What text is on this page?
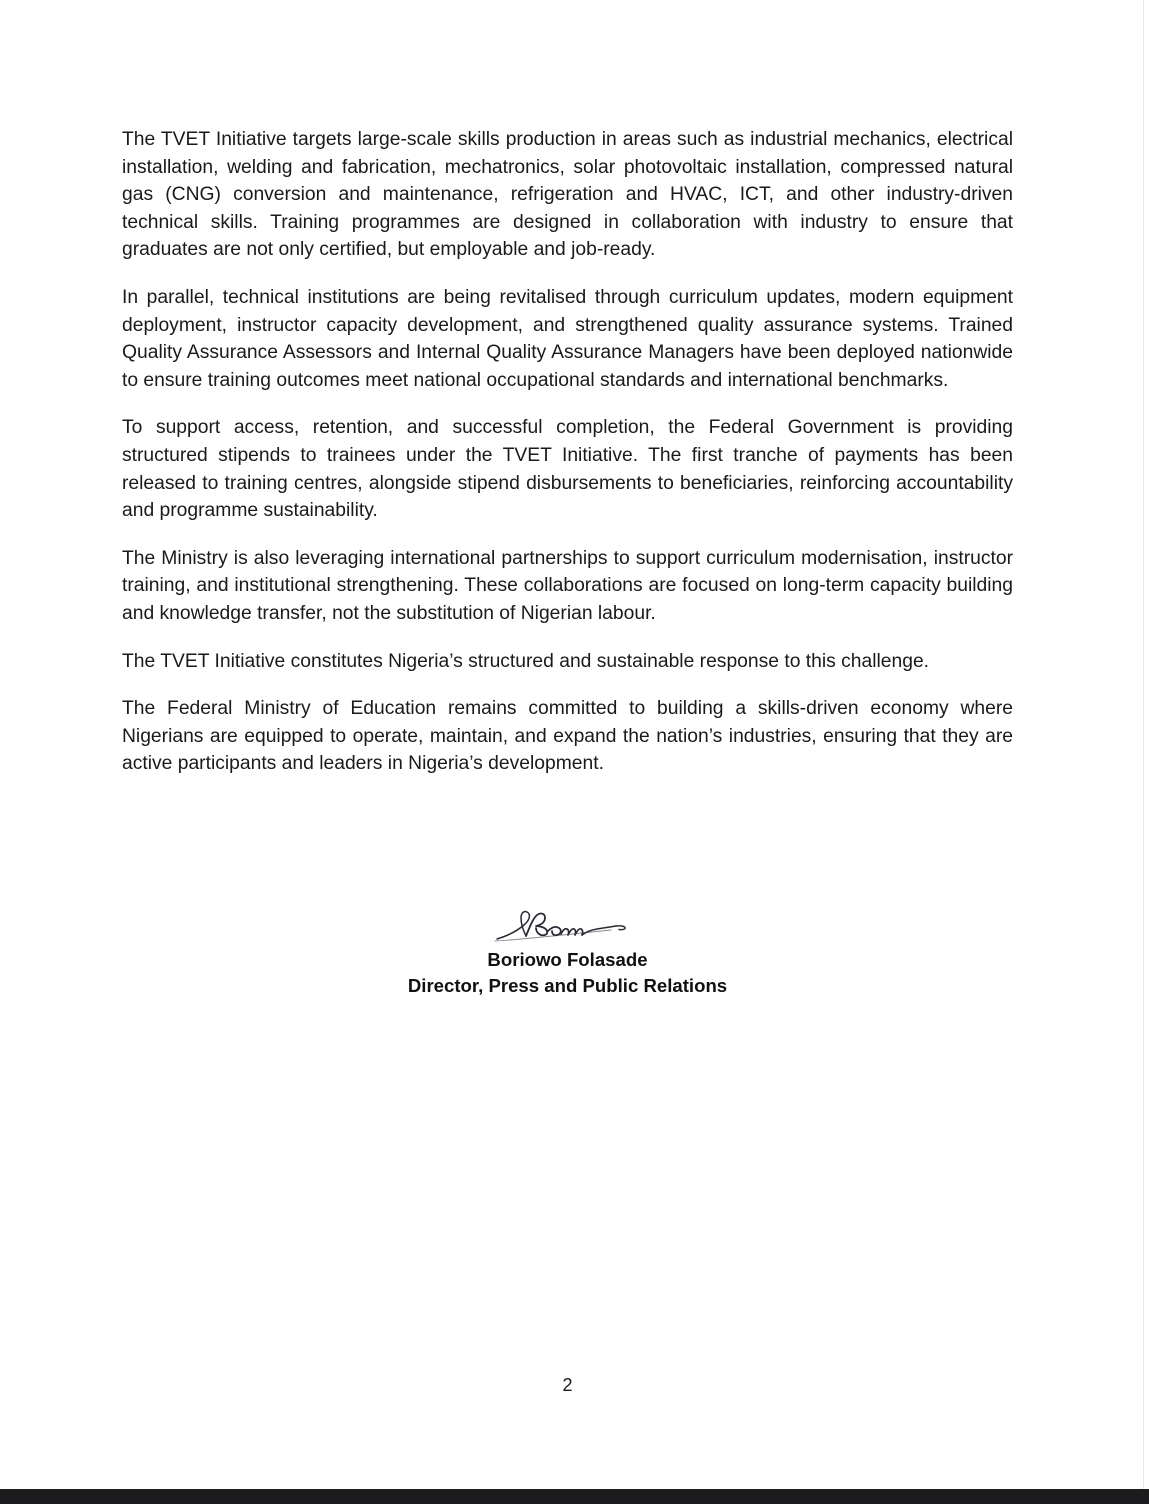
The TVET Initiative targets large-scale skills production in areas such as industrial mechanics, electrical installation, welding and fabrication, mechatronics, solar photovoltaic installation, compressed natural gas (CNG) conversion and maintenance, refrigeration and HVAC, ICT, and other industry-driven technical skills. Training programmes are designed in collaboration with industry to ensure that graduates are not only certified, but employable and job-ready.

In parallel, technical institutions are being revitalised through curriculum updates, modern equipment deployment, instructor capacity development, and strengthened quality assurance systems. Trained Quality Assurance Assessors and Internal Quality Assurance Managers have been deployed nationwide to ensure training outcomes meet national occupational standards and international benchmarks.

To support access, retention, and successful completion, the Federal Government is providing structured stipends to trainees under the TVET Initiative. The first tranche of payments has been released to training centres, alongside stipend disbursements to beneficiaries, reinforcing accountability and programme sustainability.

The Ministry is also leveraging international partnerships to support curriculum modernisation, instructor training, and institutional strengthening. These collaborations are focused on long-term capacity building and knowledge transfer, not the substitution of Nigerian labour.

The TVET Initiative constitutes Nigeria’s structured and sustainable response to this challenge.

The Federal Ministry of Education remains committed to building a skills-driven economy where Nigerians are equipped to operate, maintain, and expand the nation’s industries, ensuring that they are active participants and leaders in Nigeria’s development.

Boriowo Folasade
Director, Press and Public Relations
2
